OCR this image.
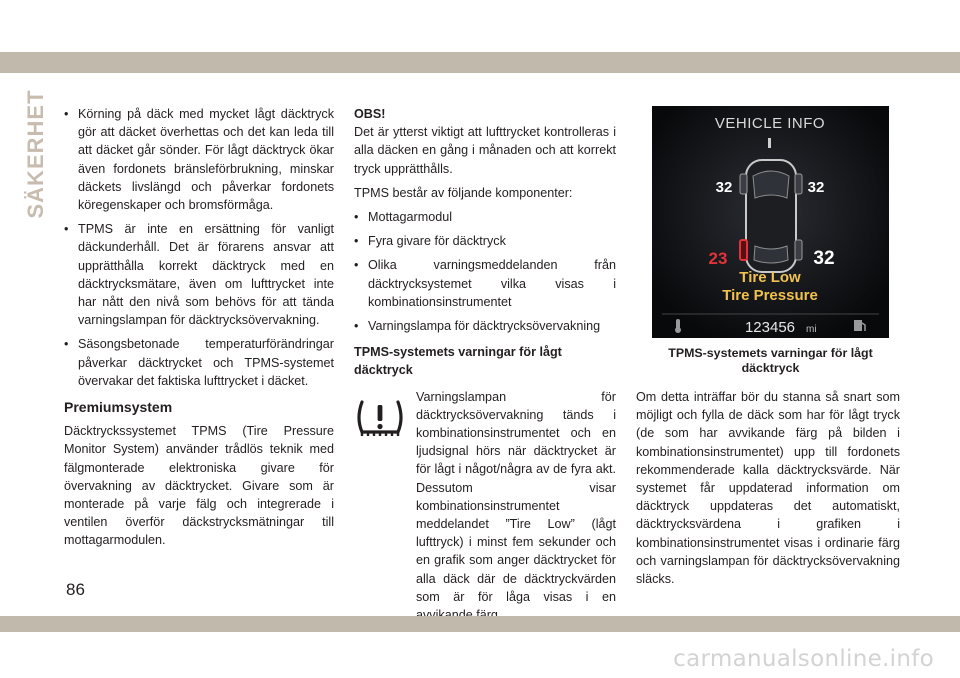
SÄKERHET • Körning på däck med mycket lågt däcktryck gör att däcket överhettas och det kan leda till att däcket går sönder. För lågt däcktryck ökar även fordonets bränsleförbrukning, minskar däckets livslängd och påverkar fordonets köregenskaper och bromsförmåga.
• TPMS är inte en ersättning för vanligt däckunderhåll. Det är förarens ansvar att upprätthålla korrekt däcktryck med en däcktrycksmätare, även om lufttrycket inte har nått den nivå som behövs för att tända varningslampan för däcktrycksövervakning.
• Säsongsbetonade temperaturförändringar påverkar däcktrycket och TPMS-systemet övervakar det faktiska lufttrycket i däcket.
Premiumsystem

Däcktryckssystemet TPMS (Tire Pressure Monitor System) använder trådlös teknik med fälgmonterade elektroniska givare för övervakning av däcktrycket. Givare som är monterade på varje fälg och integrerade i ventilen överför däckstrycksmätningar till mottagarmodulen.

OBS!

Det är ytterst viktigt att lufttrycket kontrolleras i alla däcken en gång i månaden och att korrekt tryck upprätthålls.

TPMS består av följande komponenter:

• Mottagarmodul
• Fyra givare för däcktryck
• Olika varningsmeddelanden från däcktrycksystemet vilka visas i kombinationsinstrumentet
• Varningslampa för däcktrycksövervakning
TPMS-systemets varningar för lågt däcktryck

Varningslampan för däcktrycksövervakning tänds i kombinationsinstrumentet och en ljudsignal hörs när däcktrycket är för lågt i något/några av de fyra akt. Dessutom visar kombinationsinstrumentet meddelandet ”Tire Low” (lågt lufttryck) i minst fem sekunder och en grafik som anger däcktrycket för alla däck där de däcktryckvärden som är för låga visas i en

VEHICLE INFO
32	32
23	32
Tire Low
Tire Pressure
123456 mi
TPMS-systemets varningar för lågt däcktryck

Om detta inträffar bör du stanna så snart som möjligt och fylla de däck som har för lågt tryck (de som har avvikande färg på bilden i kombinationsinstrumentet) upp till fordonets rekommenderade kalla däcktrycksvärde. När systemet får uppdaterad information om däcktryck uppdateras det automatiskt, däcktrycksvärdena i grafiken i kombinationsinstrumentet visas i ordinarie färg och varningslampan för däcktrycksövervakning släcks.

86
carmanualsonline.info
